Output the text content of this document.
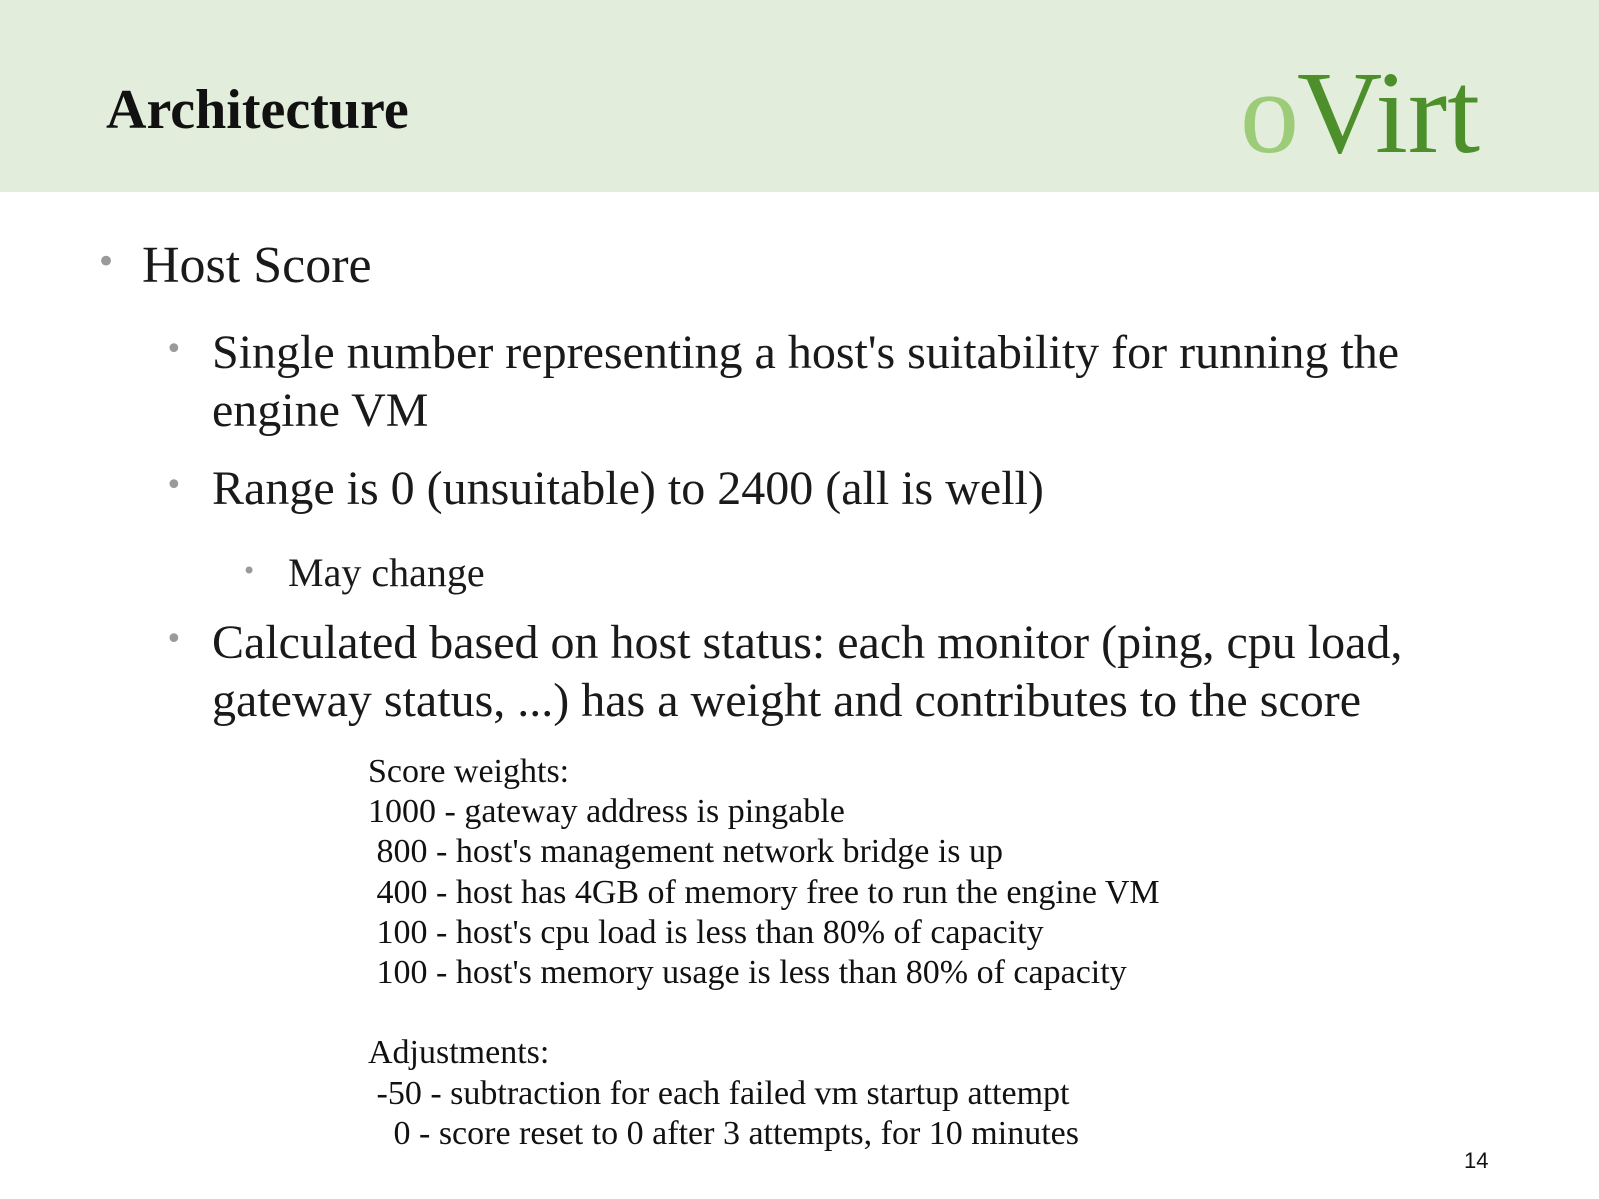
Architecture	o
Virt
• Host Score
• Single number representing a host's suitability for running the engine VM
• Range is 0 (unsuitable) to 2400 (all is well)
• May change
• Calculated based on host status: each monitor (ping, cpu load, gateway status, ...) has a weight and contributes to the score
Score weights:
1000 - gateway address is pingable
800 - host's management network bridge is up
400 - host has 4GB of memory free to run the engine VM
100 - host's cpu load is less than 80% of capacity
100 - host's memory usage is less than 80% of capacity
Adjustments:
-50 - subtraction for each failed vm startup attempt
0 - score reset to 0 after 3 attempts, for 10 minutes
14
